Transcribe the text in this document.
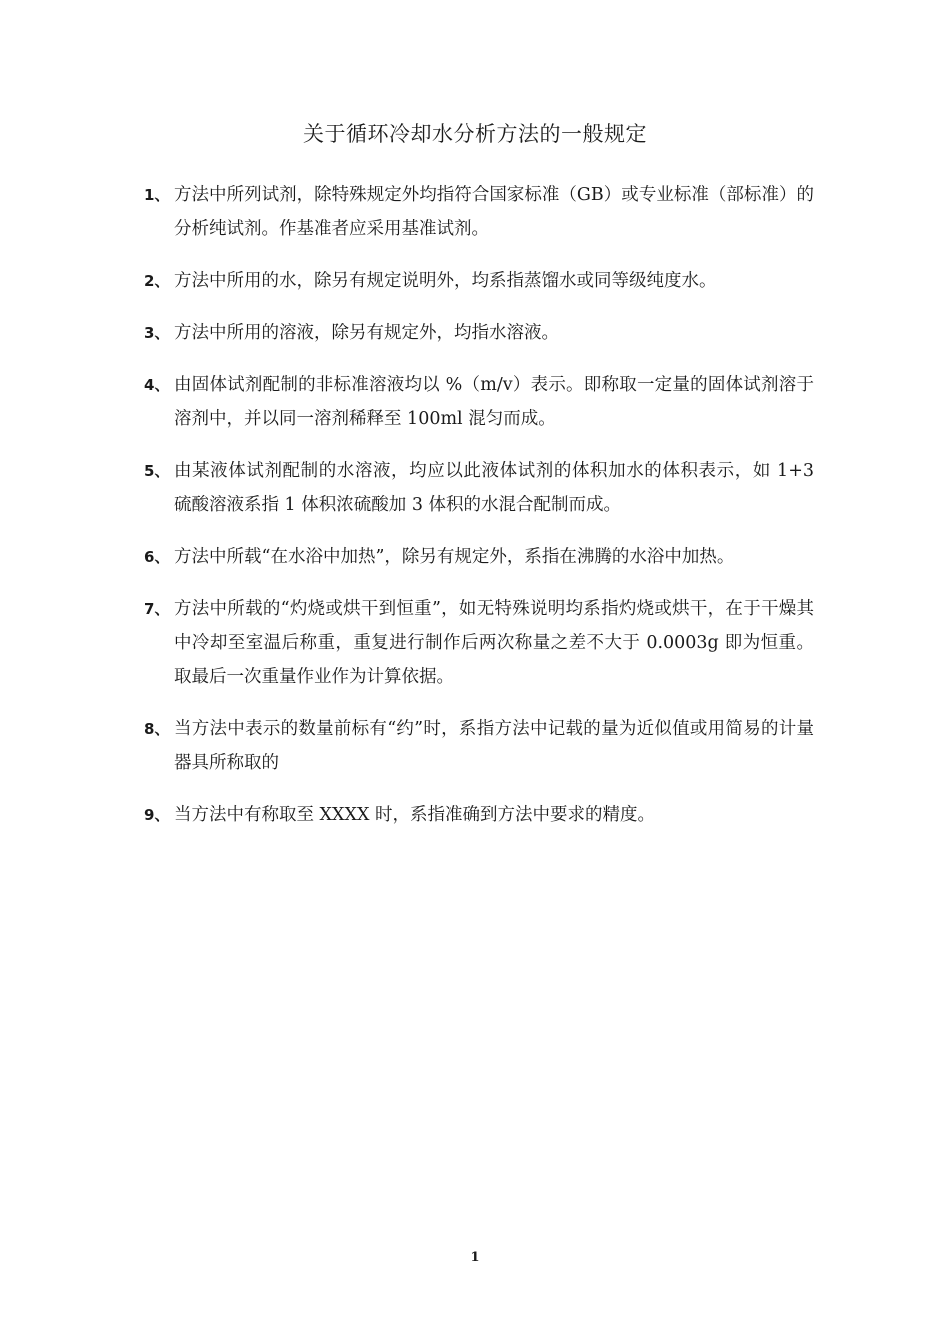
关于循环冷却水分析方法的一般规定
1、 方法中所列试剂，除特殊规定外均指符合国家标准（GB）或专业标准（部标准）的分析纯试剂。作基准者应采用基准试剂。
2、 方法中所用的水，除另有规定说明外，均系指蒸馏水或同等级纯度水。
3、 方法中所用的溶液，除另有规定外，均指水溶液。
4、 由固体试剂配制的非标准溶液均以 %（m/v）表示。即称取一定量的固体试剂溶于溶剂中，并以同一溶剂稀释至 100ml 混匀而成。
5、 由某液体试剂配制的水溶液，均应以此液体试剂的体积加水的体积表示，如 1+3 硫酸溶液系指 1 体积浓硫酸加 3 体积的水混合配制而成。
6、 方法中所载“在水浴中加热”，除另有规定外，系指在沸腾的水浴中加热。
7、 方法中所载的“灼烧或烘干到恒重”，如无特殊说明均系指灼烧或烘干，在于干燥其中冷却至室温后称重，重复进行制作后两次称量之差不大于 0.0003g 即为恒重。取最后一次重量作业作为计算依据。
8、 当方法中表示的数量前标有“约”时，系指方法中记载的量为近似值或用简易的计量器具所称取的
9、 当方法中有称取至 XXXX 时，系指准确到方法中要求的精度。
1
